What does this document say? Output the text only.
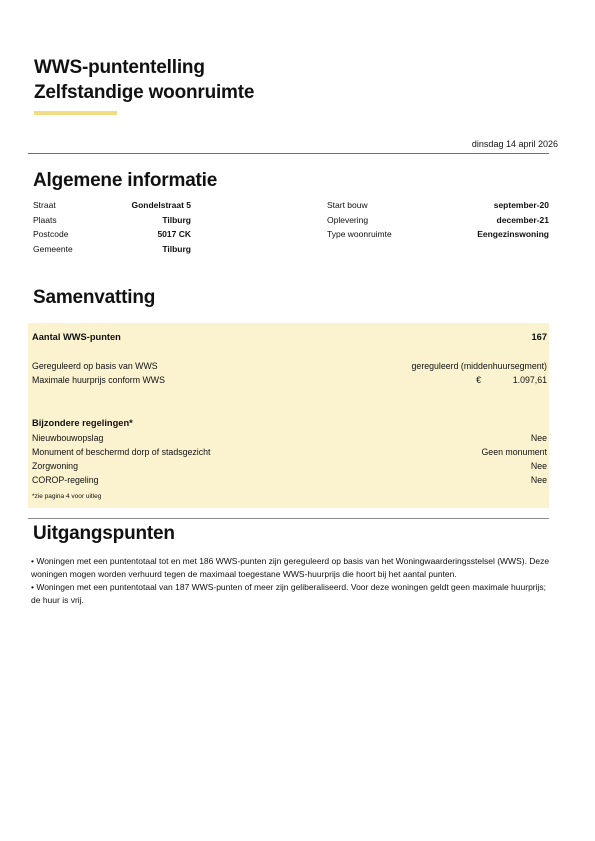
WWS-puntentelling
Zelfstandige woonruimte
dinsdag 14 april 2026
Algemene informatie
Straat	Gondelstraat 5	Start bouw	september-20
Plaats	Tilburg	Oplevering	december-21
Postcode	5017 CK	Type woonruimte	Eengezinswoning
Gemeente	Tilburg
Samenvatting
Aantal WWS-punten	167
Gereguleerd op basis van WWS	gereguleerd (middenhuursegment)
Maximale huurprijs conform WWS	€	1.097,61
Bijzondere regelingen*
Nieuwbouwopslag	Nee
Monument of beschermd dorp of stadsgezicht	Geen monument
Zorgwoning	Nee
COROP-regeling	Nee
*zie pagina 4 voor uitleg
Uitgangspunten

• Woningen met een puntentotaal tot en met 186 WWS-punten zijn gereguleerd op basis van het Woningwaarderingsstelsel (WWS). Deze woningen mogen worden verhuurd tegen de maximaal toegestane WWS-huurprijs die hoort bij het aantal punten.

• Woningen met een puntentotaal van 187 WWS-punten of meer zijn geliberaliseerd. Voor deze woningen geldt geen maximale huurprijs; de huur is vrij.
